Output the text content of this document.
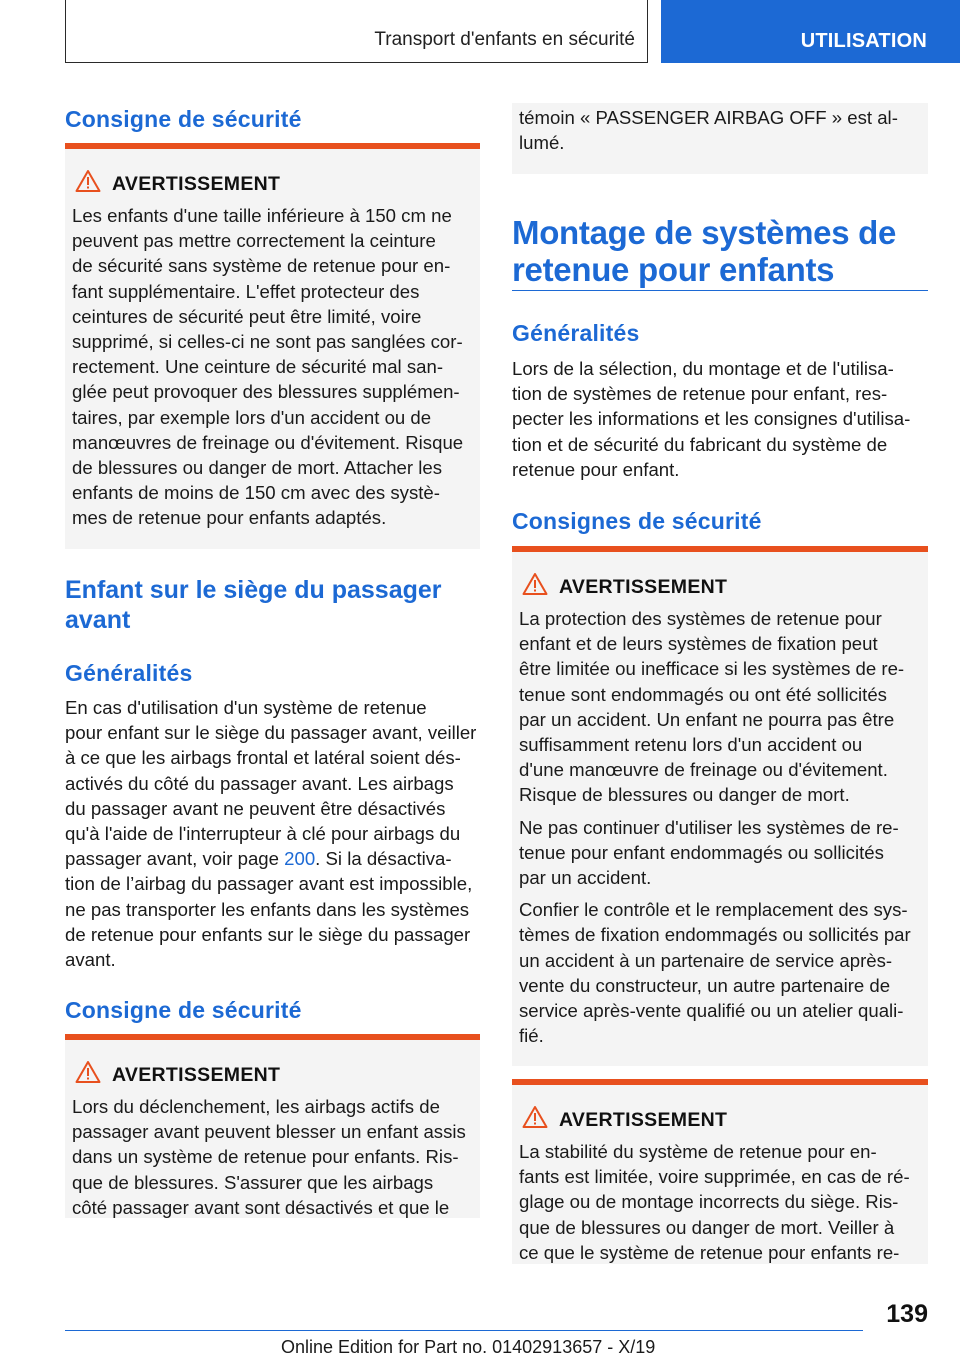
Transport d'enfants en sécurité	UTILISATION
Consigne de sécurité
AVERTISSEMENT
Les enfants d'une taille inférieure à 150 cm ne
peuvent pas mettre correctement la ceinture
de sécurité sans système de retenue pour en-
fant supplémentaire. L'effet protecteur des
ceintures de sécurité peut être limité, voire
supprimé, si celles-ci ne sont pas sanglées cor-
rectement. Une ceinture de sécurité mal san-
glée peut provoquer des blessures supplémen-
taires, par exemple lors d'un accident ou de
manœuvres de freinage ou d'évitement. Risque
de blessures ou danger de mort. Attacher les
enfants de moins de 150 cm avec des systè-
mes de retenue pour enfants adaptés.
Enfant sur le siège du passager
avant
Généralités
En cas d'utilisation d'un système de retenue
pour enfant sur le siège du passager avant, veiller
à ce que les airbags frontal et latéral soient dés-
activés du côté du passager avant. Les airbags
du passager avant ne peuvent être désactivés
qu'à l'aide de l'interrupteur à clé pour airbags du
passager avant, voir page 200. Si la désactiva-
tion de l’airbag du passager avant est impossible,
ne pas transporter les enfants dans les systèmes
de retenue pour enfants sur le siège du passager
avant.
Consigne de sécurité
AVERTISSEMENT
Lors du déclenchement, les airbags actifs de
passager avant peuvent blesser un enfant assis
dans un système de retenue pour enfants. Ris-
que de blessures. S'assurer que les airbags
côté passager avant sont désactivés et que le
témoin « PASSENGER AIRBAG OFF » est al-
lumé.
Montage de systèmes de
retenue pour enfants
Généralités
Lors de la sélection, du montage et de l'utilisa-
tion de systèmes de retenue pour enfant, res-
pecter les informations et les consignes d'utilisa-
tion et de sécurité du fabricant du système de
retenue pour enfant.
Consignes de sécurité
AVERTISSEMENT

La protection des systèmes de retenue pour
enfant et de leurs systèmes de fixation peut
être limitée ou inefficace si les systèmes de re-
tenue sont endommagés ou ont été sollicités
par un accident. Un enfant ne pourra pas être
suffisamment retenu lors d'un accident ou
d'une manœuvre de freinage ou d'évitement.
Risque de blessures ou danger de mort.

Ne pas continuer d'utiliser les systèmes de re-
tenue pour enfant endommagés ou sollicités
par un accident.

Confier le contrôle et le remplacement des sys-
tèmes de fixation endommagés ou sollicités par
un accident à un partenaire de service après-
vente du constructeur, un autre partenaire de
service après-vente qualifié ou un atelier quali-
fié.

AVERTISSEMENT
La stabilité du système de retenue pour en-
fants est limitée, voire supprimée, en cas de ré-
glage ou de montage incorrects du siège. Ris-
que de blessures ou danger de mort. Veiller à
ce que le système de retenue pour enfants re-
139
Online Edition for Part no. 01402913657 - X/19
